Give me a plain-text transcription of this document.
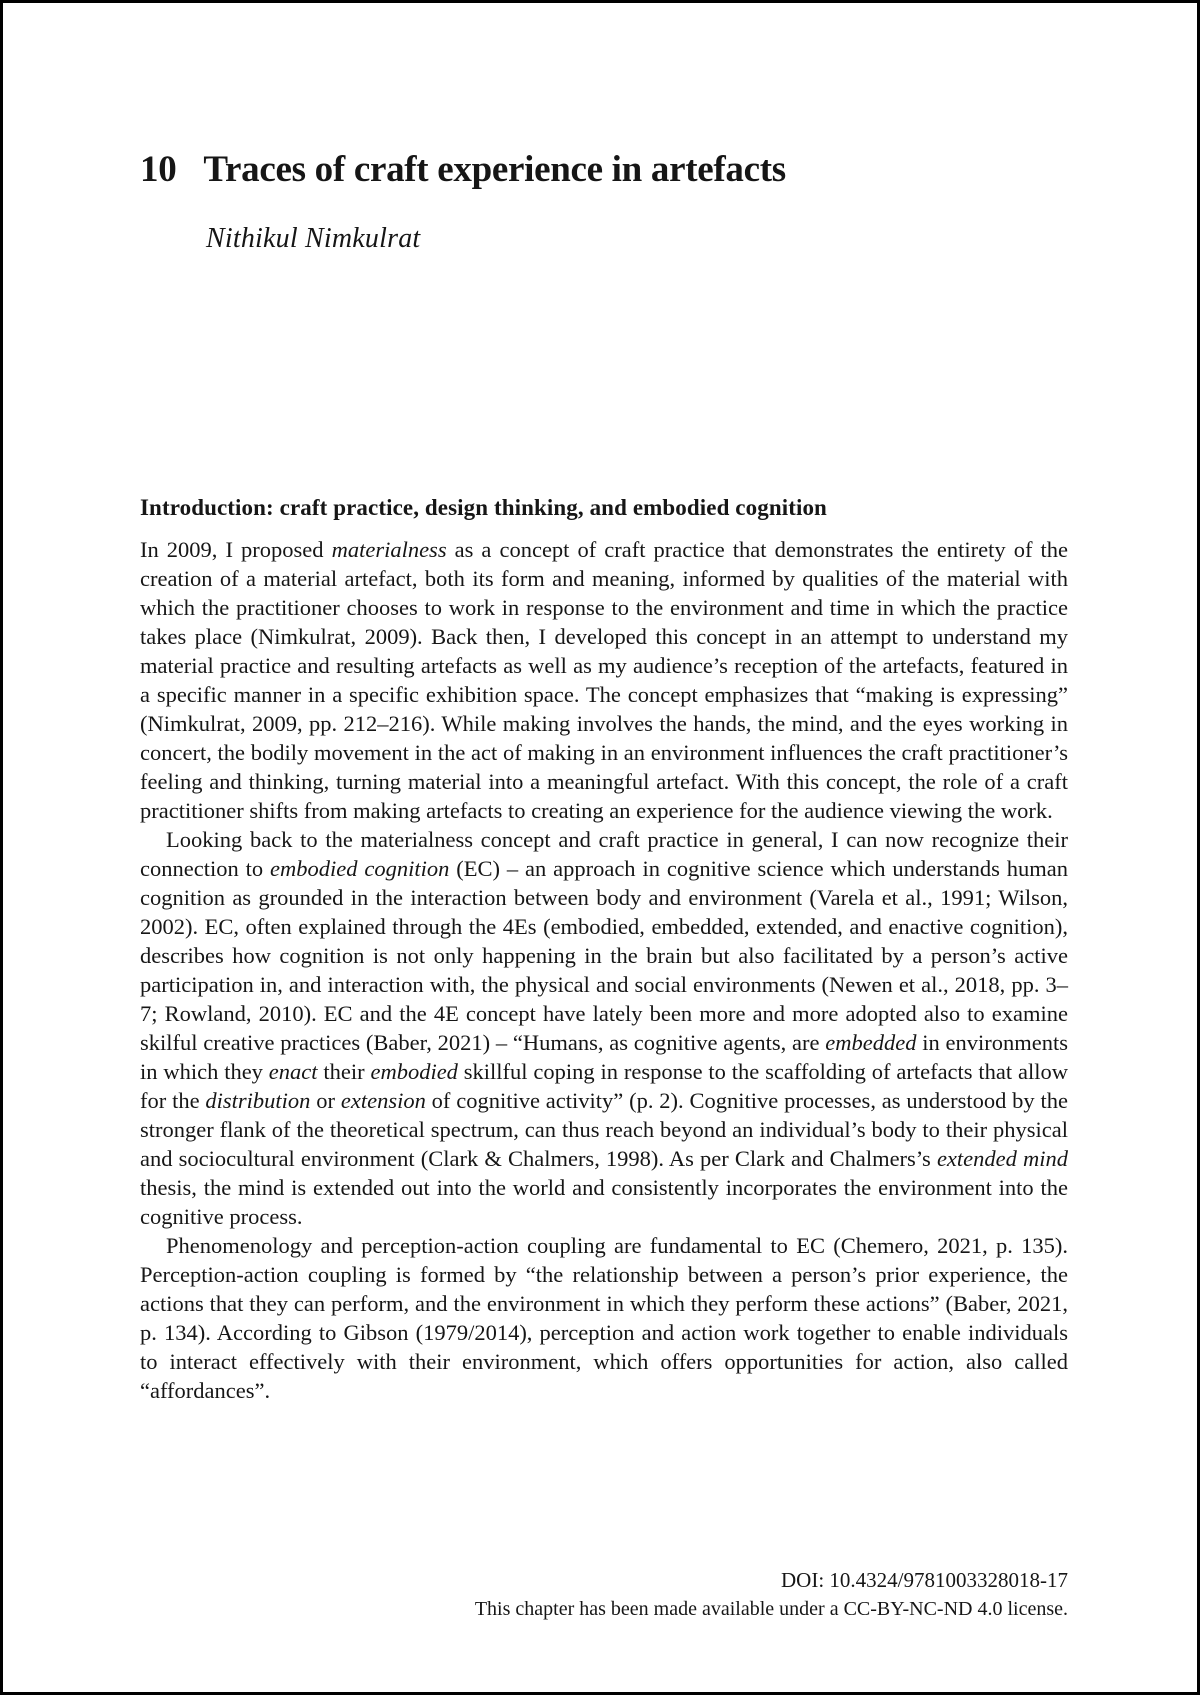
10 Traces of craft experience in artefacts
Nithikul Nimkulrat
Introduction: craft practice, design thinking, and embodied cognition

In 2009, I proposed materialness as a concept of craft practice that demonstrates the entirety of the creation of a material artefact, both its form and meaning, informed by qualities of the material with which the practitioner chooses to work in response to the environment and time in which the practice takes place (Nimkulrat, 2009). Back then, I developed this concept in an attempt to understand my material practice and resulting artefacts as well as my audience’s reception of the artefacts, featured in a specific manner in a specific exhibition space. The concept emphasizes that “making is expressing” (Nimkulrat, 2009, pp. 212–216). While making involves the hands, the mind, and the eyes working in concert, the bodily movement in the act of making in an environment influences the craft practitioner’s feeling and thinking, turning material into a meaningful artefact. With this concept, the role of a craft practitioner shifts from making artefacts to creating an experience for the audience viewing the work.

Looking back to the materialness concept and craft practice in general, I can now recognize their connection to embodied cognition (EC) – an approach in cognitive science which understands human cognition as grounded in the interaction between body and environment (Varela et al., 1991; Wilson, 2002). EC, often explained through the 4Es (embodied, embedded, extended, and enactive cognition), describes how cognition is not only happening in the brain but also facilitated by a person’s active participation in, and interaction with, the physical and social environments (Newen et al., 2018, pp. 3–7; Rowland, 2010). EC and the 4E concept have lately been more and more adopted also to examine skilful creative practices (Baber, 2021) – “Humans, as cognitive agents, are embedded in environments in which they enact their embodied skillful coping in response to the scaffolding of artefacts that allow for the distribution or extension of cognitive activity” (p. 2). Cognitive processes, as understood by the stronger flank of the theoretical spectrum, can thus reach beyond an individual’s body to their physical and sociocultural environment (Clark & Chalmers, 1998). As per Clark and Chalmers’s extended mind thesis, the mind is extended out into the world and consistently incorporates the environment into the cognitive process.

Phenomenology and perception-action coupling are fundamental to EC (Chemero, 2021, p. 135). Perception-action coupling is formed by “the relationship between a person’s prior experience, the actions that they can perform, and the environment in which they perform these actions” (Baber, 2021, p. 134). According to Gibson (1979/2014), perception and action work together to enable individuals to interact effectively with their environment, which offers opportunities for action, also called “affordances”.

DOI: 10.4324/9781003328018-17
This chapter has been made available under a CC-BY-NC-ND 4.0 license.
